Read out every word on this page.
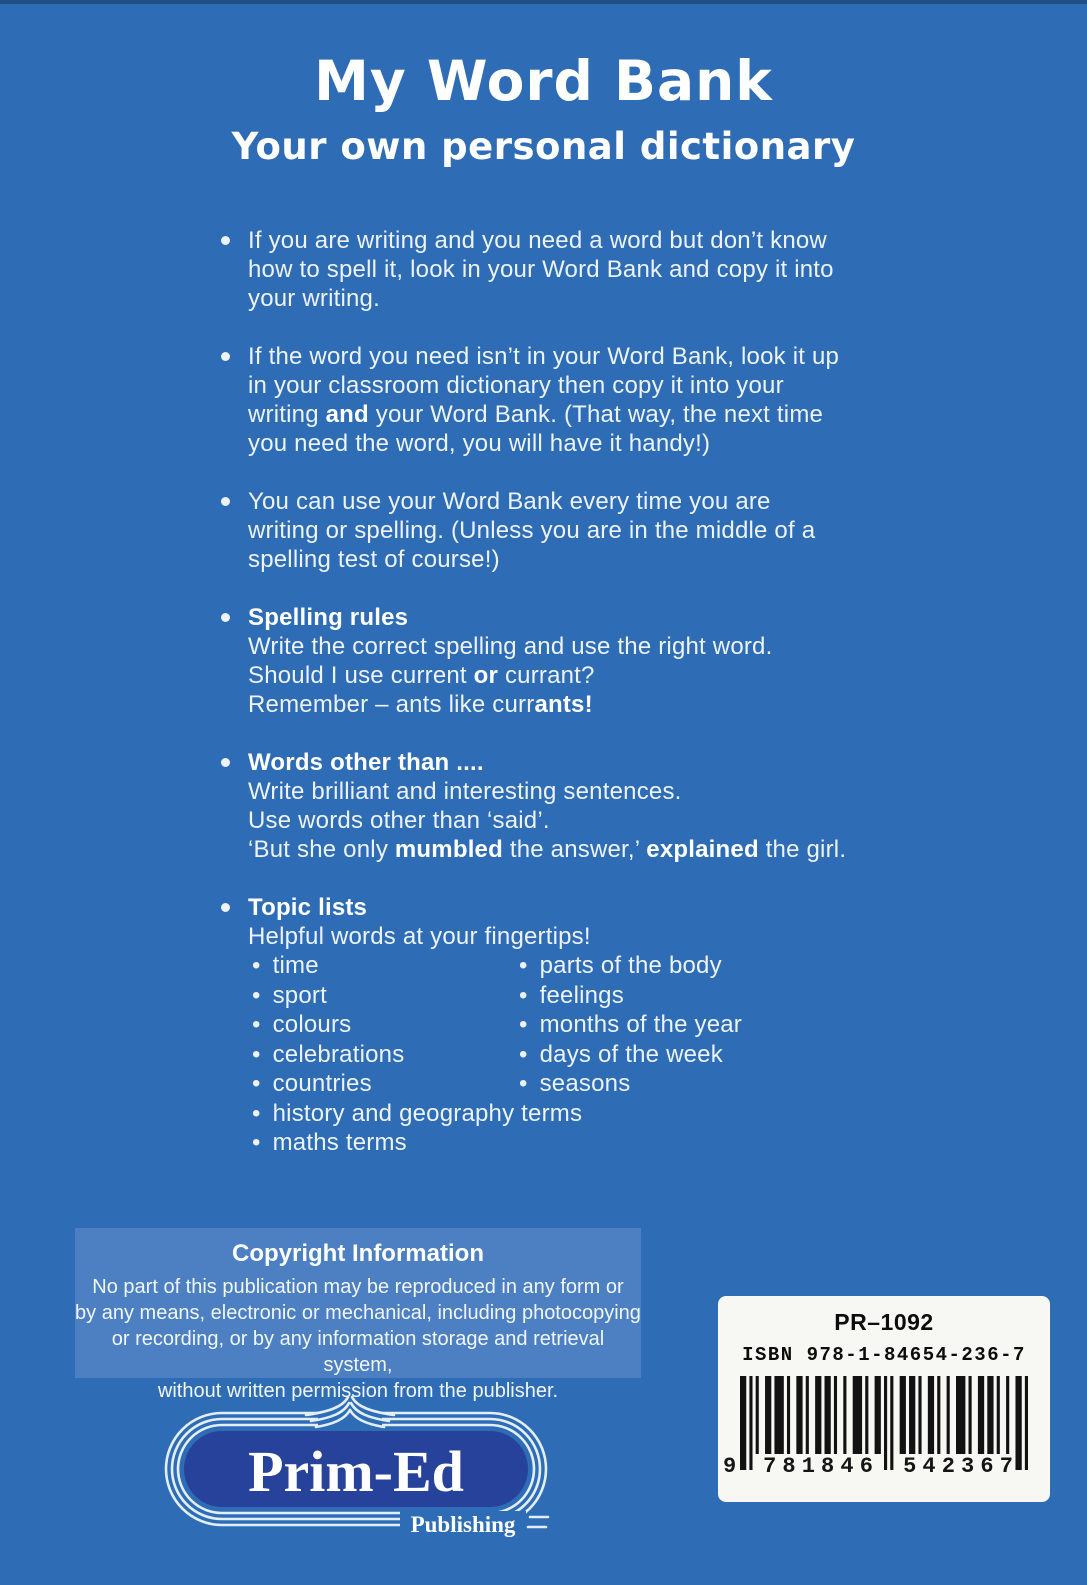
My Word Bank
Your own personal dictionary
If you are writing and you need a word but don’t know
how to spell it, look in your Word Bank and copy it into
your writing.
If the word you need isn’t in your Word Bank, look it up
in your classroom dictionary then copy it into your
writing and your Word Bank. (That way, the next time
you need the word, you will have it handy!)
You can use your Word Bank every time you are
writing or spelling. (Unless you are in the middle of a
spelling test of course!)
Spelling rules
Write the correct spelling and use the right word.
Should I use current or currant?
Remember – ants like currants!
Words other than ....
Write brilliant and interesting sentences.
Use words other than ‘said’.
‘But she only mumbled the answer,’ explained the girl.
Topic lists
Helpful words at your fingertips!
• time	• parts of the body
• sport	• feelings
• colours	• months of the year
• celebrations	• days of the week
• countries	• seasons
• history and geography terms
• maths terms
Copyright Information
No part of this publication may be reproduced in any form or
by any means, electronic or mechanical, including photocopying
or recording, or by any information storage and retrieval system,
without written permission from the publisher.
PR–1092
ISBN 978-1-84654-236-7
9 7 8 1 8 4 6 5 4 2 3 6 7
Prim-Ed
Publishing
